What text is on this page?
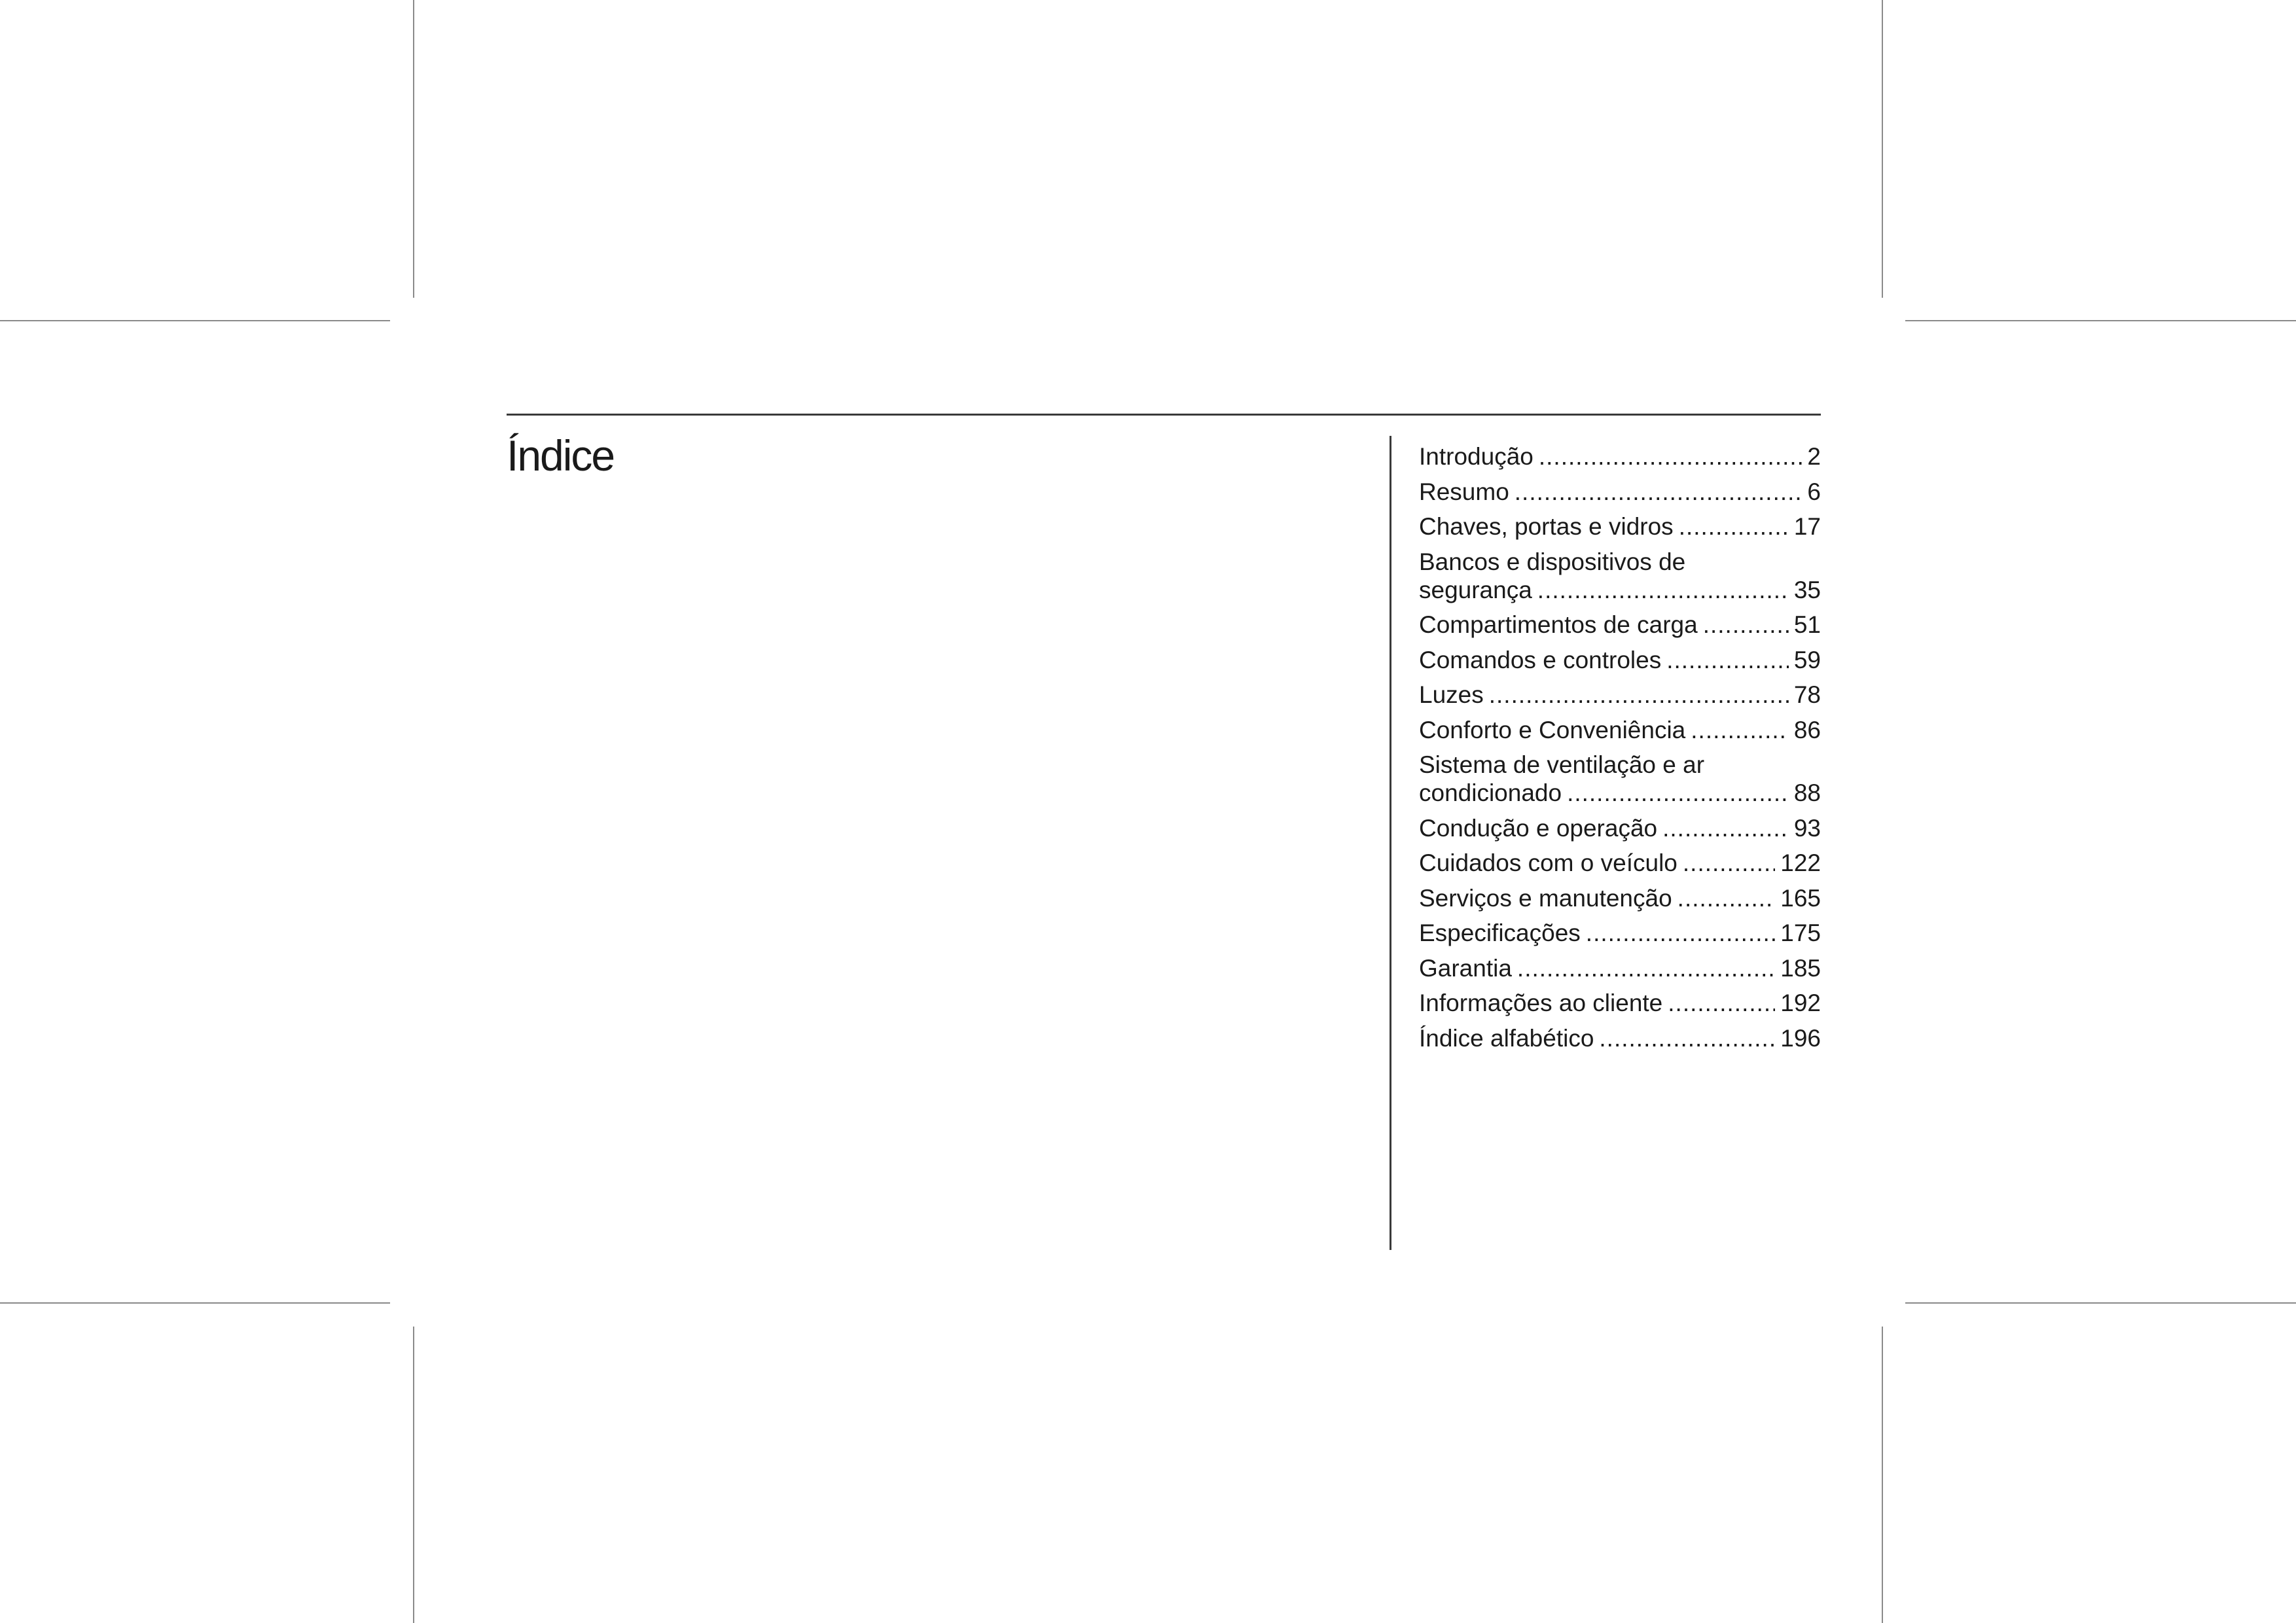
Índice	Introdução .....	2
Resumo .....	6
Chaves, portas e vidros .....	17
Bancos e dispositivos de
segurança .....	35
Compartimentos de carga .....	51
Comandos e controles .....	59
Luzes .....	78
Conforto e Conveniência .....	86
Sistema de ventilação e ar
condicionado .....	88
Condução e operação .....	93
Cuidados com o veículo .....	122
Serviços e manutenção .....	165
Especificações .....	175
Garantia .....	185
Informações ao cliente .....	192
Índice alfabético .....	196
